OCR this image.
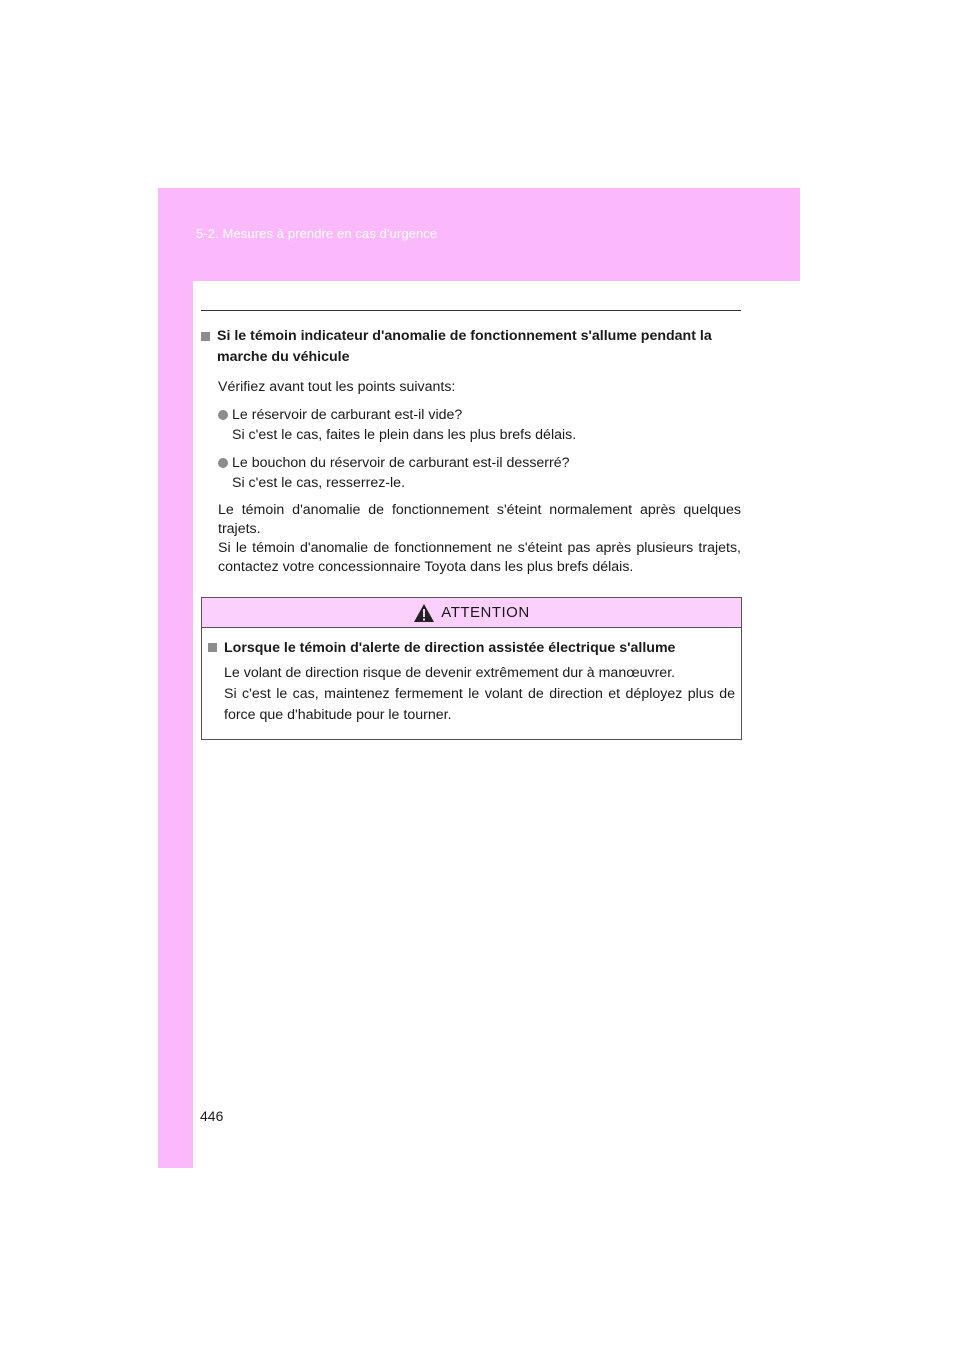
5-2. Mesures à prendre en cas d'urgence
Si le témoin indicateur d'anomalie de fonctionnement s'allume pendant la marche du véhicule

Vérifiez avant tout les points suivants:

Le réservoir de carburant est-il vide?
Si c'est le cas, faites le plein dans les plus brefs délais.
Le bouchon du réservoir de carburant est-il desserré?
Si c'est le cas, resserrez-le.

Le témoin d'anomalie de fonctionnement s'éteint normalement après quelques trajets.

Si le témoin d'anomalie de fonctionnement ne s'éteint pas après plusieurs trajets, contactez votre concessionnaire Toyota dans les plus brefs délais.

ATTENTION
Lorsque le témoin d'alerte de direction assistée électrique s'allume
Le volant de direction risque de devenir extrêmement dur à manœuvrer.
Si c'est le cas, maintenez fermement le volant de direction et déployez plus de force que d'habitude pour le tourner.
446
